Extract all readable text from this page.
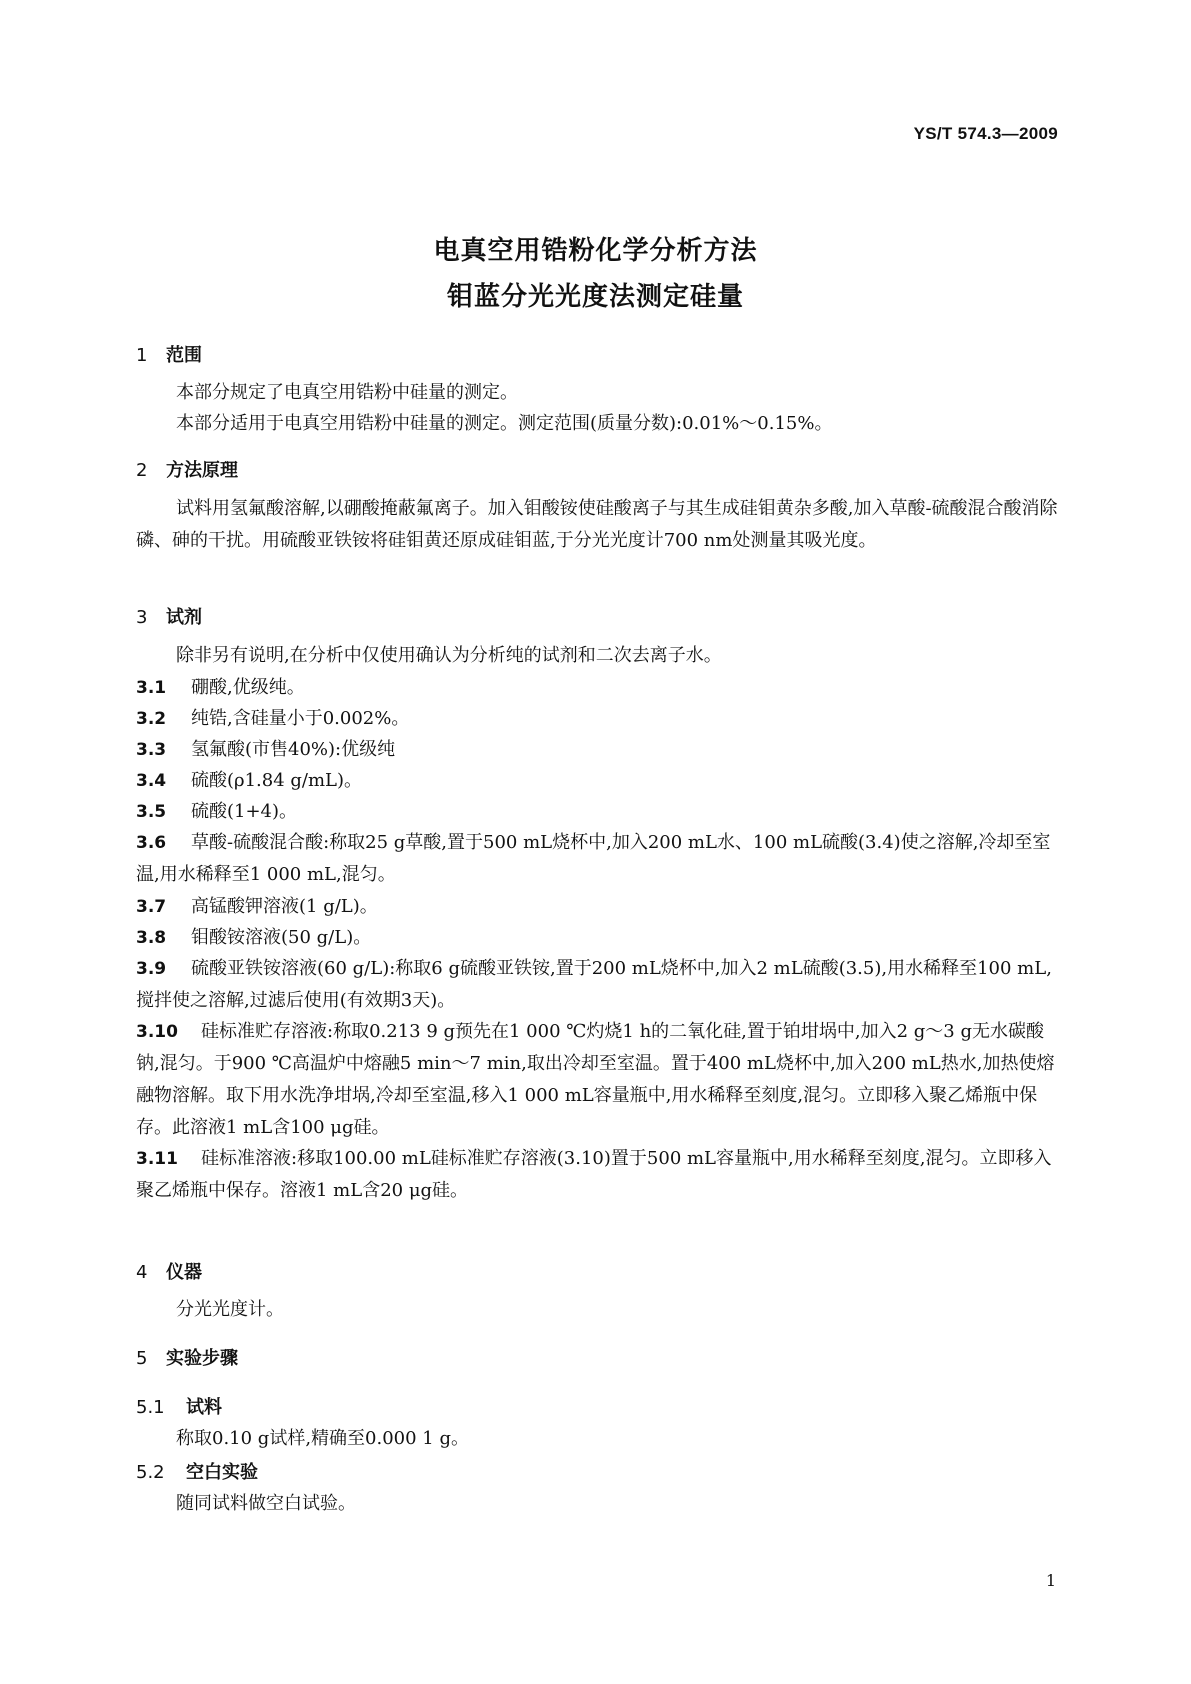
YS/T 574.3—2009
电真空用锆粉化学分析方法
钼蓝分光光度法测定硅量
1 范围
本部分规定了电真空用锆粉中硅量的测定。
本部分适用于电真空用锆粉中硅量的测定。测定范围(质量分数):0.01%～0.15%。
2 方法原理
试料用氢氟酸溶解,以硼酸掩蔽氟离子。加入钼酸铵使硅酸离子与其生成硅钼黄杂多酸,加入草酸-硫酸混合酸消除磷、砷的干扰。用硫酸亚铁铵将硅钼黄还原成硅钼蓝,于分光光度计700 nm处测量其吸光度。
3 试剂
除非另有说明,在分析中仅使用确认为分析纯的试剂和二次去离子水。
3.1 硼酸,优级纯。
3.2 纯锆,含硅量小于0.002%。
3.3 氢氟酸(市售40%):优级纯
3.4 硫酸(ρ1.84 g/mL)。
3.5 硫酸(1+4)。
3.6 草酸-硫酸混合酸:称取25 g草酸,置于500 mL烧杯中,加入200 mL水、100 mL硫酸(3.4)使之溶解,冷却至室温,用水稀释至1 000 mL,混匀。
3.7 高锰酸钾溶液(1 g/L)。
3.8 钼酸铵溶液(50 g/L)。
3.9 硫酸亚铁铵溶液(60 g/L):称取6 g硫酸亚铁铵,置于200 mL烧杯中,加入2 mL硫酸(3.5),用水稀释至100 mL,搅拌使之溶解,过滤后使用(有效期3天)。
3.10 硅标准贮存溶液:称取0.213 9 g预先在1 000 ℃灼烧1 h的二氧化硅,置于铂坩埚中,加入2 g～3 g无水碳酸钠,混匀。于900 ℃高温炉中熔融5 min～7 min,取出冷却至室温。置于400 mL烧杯中,加入200 mL热水,加热使熔融物溶解。取下用水洗净坩埚,冷却至室温,移入1 000 mL容量瓶中,用水稀释至刻度,混匀。立即移入聚乙烯瓶中保存。此溶液1 mL含100 μg硅。
3.11 硅标准溶液:移取100.00 mL硅标准贮存溶液(3.10)置于500 mL容量瓶中,用水稀释至刻度,混匀。立即移入聚乙烯瓶中保存。溶液1 mL含20 μg硅。
4 仪器
分光光度计。
5 实验步骤
5.1 试料
称取0.10 g试样,精确至0.000 1 g。
5.2 空白实验
随同试料做空白试验。
1
